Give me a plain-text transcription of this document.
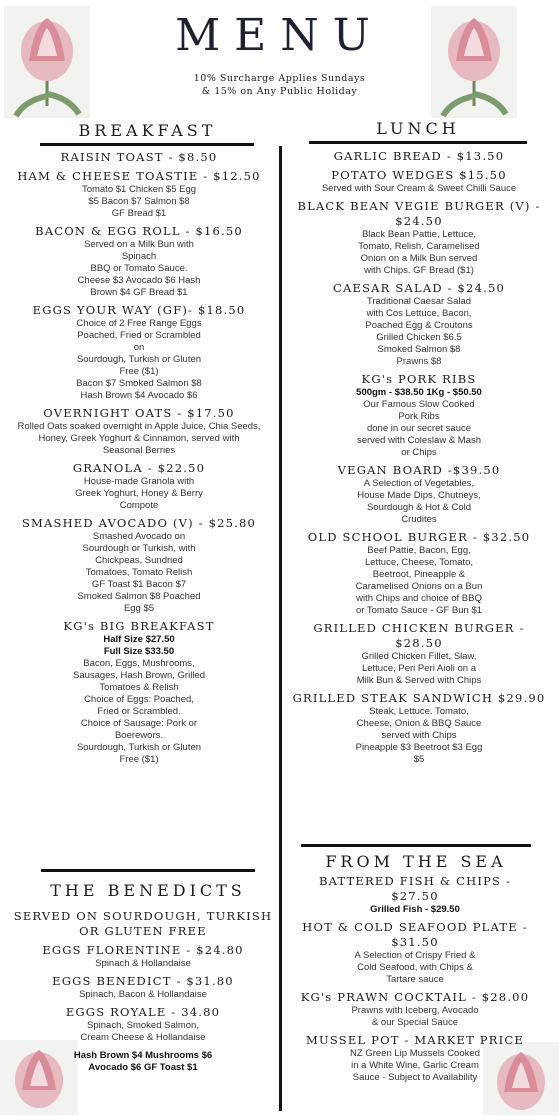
MENU
10% Surcharge Applies Sundays
& 15% on Any Public Holiday
BREAKFAST	LUNCH
THE BENEDICTS
FROM THE SEA
RAISIN TOAST - $8.50
HAM & CHEESE TOASTIE - $12.50
Tomato $1 Chicken $5 Egg
$5 Bacon $7 Salmon $8
GF Bread $1
BACON & EGG ROLL - $16.50
Served on a Milk Bun with
Spinach
BBQ or Tomato Sauce.
Cheese $3 Avocado $6 Hash
Brown $4 GF Bread $1
EGGS YOUR WAY (GF)- $18.50
Choice of 2 Free Range Eggs
Poached, Fried or Scrambled
on
Sourdough, Turkish or Gluten
Free ($1)
Bacon $7 Smoked Salmon $8
Hash Brown $4 Avocado $6
OVERNIGHT OATS - $17.50
Rolled Oats soaked overnight in Apple Juice, Chia Seeds,
Honey, Greek Yoghurt & Cinnamon, served with
Seasonal Berries
GRANOLA - $22.50
House-made Granola with
Greek Yoghurt, Honey & Berry
Compote
SMASHED AVOCADO (V) - $25.80
Smashed Avocado on
Sourdough or Turkish, with
Chickpeas, Sundried
Tomatoes, Tomato Relish
GF Toast $1 Bacon $7
Smoked Salmon $8 Poached
Egg $5
KG's BIG BREAKFAST
Half Size $27.50
Full Size $33.50
Bacon, Eggs, Mushrooms,
Sausages, Hash Brown, Grilled
Tomatoes & Relish
Choice of Eggs: Poached,
Fried or Scrambled.
Choice of Sausage: Pork or
Boerewors.
Sourdough, Turkish or Gluten
Free ($1)
SERVED ON SOURDOUGH, TURKISH OR GLUTEN FREE
EGGS FLORENTINE - $24.80
Spinach & Hollandaise
EGGS BENEDICT - $31.80
Spinach, Bacon & Hollandaise
EGGS ROYALE - 34.80
Spinach, Smoked Salmon,
Cream Cheese & Hollandaise
Hash Brown $4 Mushrooms $6
Avocado $6 GF Toast $1
GARLIC BREAD - $13.50
POTATO WEDGES $15.50
Served with Sour Cream & Sweet Chilli Sauce
BLACK BEAN VEGIE BURGER (V) - $24.50
Black Bean Pattie, Lettuce,
Tomato, Relish, Caramelised
Onion on a Milk Bun served
with Chips. GF Bread ($1)
CAESAR SALAD - $24.50
Traditional Caesar Salad
with Cos Lettuce, Bacon,
Poached Egg & Croutons
Grilled Chicken $6.5
Smoked Salmon $8
Prawns $8
KG's PORK RIBS
500gm - $38.50 1Kg - $50.50
Our Famous Slow Cooked
Pork Ribs
done in our secret sauce
served with Coleslaw & Mash
or Chips
VEGAN BOARD -$39.50
A Selection of Vegetables,
House Made Dips, Chutneys,
Sourdough & Hot & Cold
Crudites
OLD SCHOOL BURGER - $32.50
Beef Pattie, Bacon, Egg,
Lettuce, Cheese, Tomato,
Beetroot, Pineapple &
Caramelised Onions on a Bun
with Chips and choice of BBQ
or Tomato Sauce - GF Bun $1
GRILLED CHICKEN BURGER - $28.50
Grilled Chicken Fillet, Slaw,
Lettuce, Peri Peri Aioli on a
Milk Bun & Served with Chips
GRILLED STEAK SANDWICH $29.90
Steak, Lettuce. Tomato,
Cheese, Onion & BBQ Sauce
served with Chips
Pineapple $3 Beetroot $3 Egg
$5
BATTERED FISH & CHIPS - $27.50
Grilled Fish - $29.50
HOT & COLD SEAFOOD PLATE - $31.50
A Selection of Crispy Fried &
Cold Seafood, with Chips &
Tartare sauce
KG's PRAWN COCKTAIL - $28.00
Prawns with Iceberg, Avocado
& our Special Sauce
MUSSEL POT - MARKET PRICE
NZ Green Lip Mussels Cooked
in a White Wine, Garlic Cream
Sauce - Subject to Availability
